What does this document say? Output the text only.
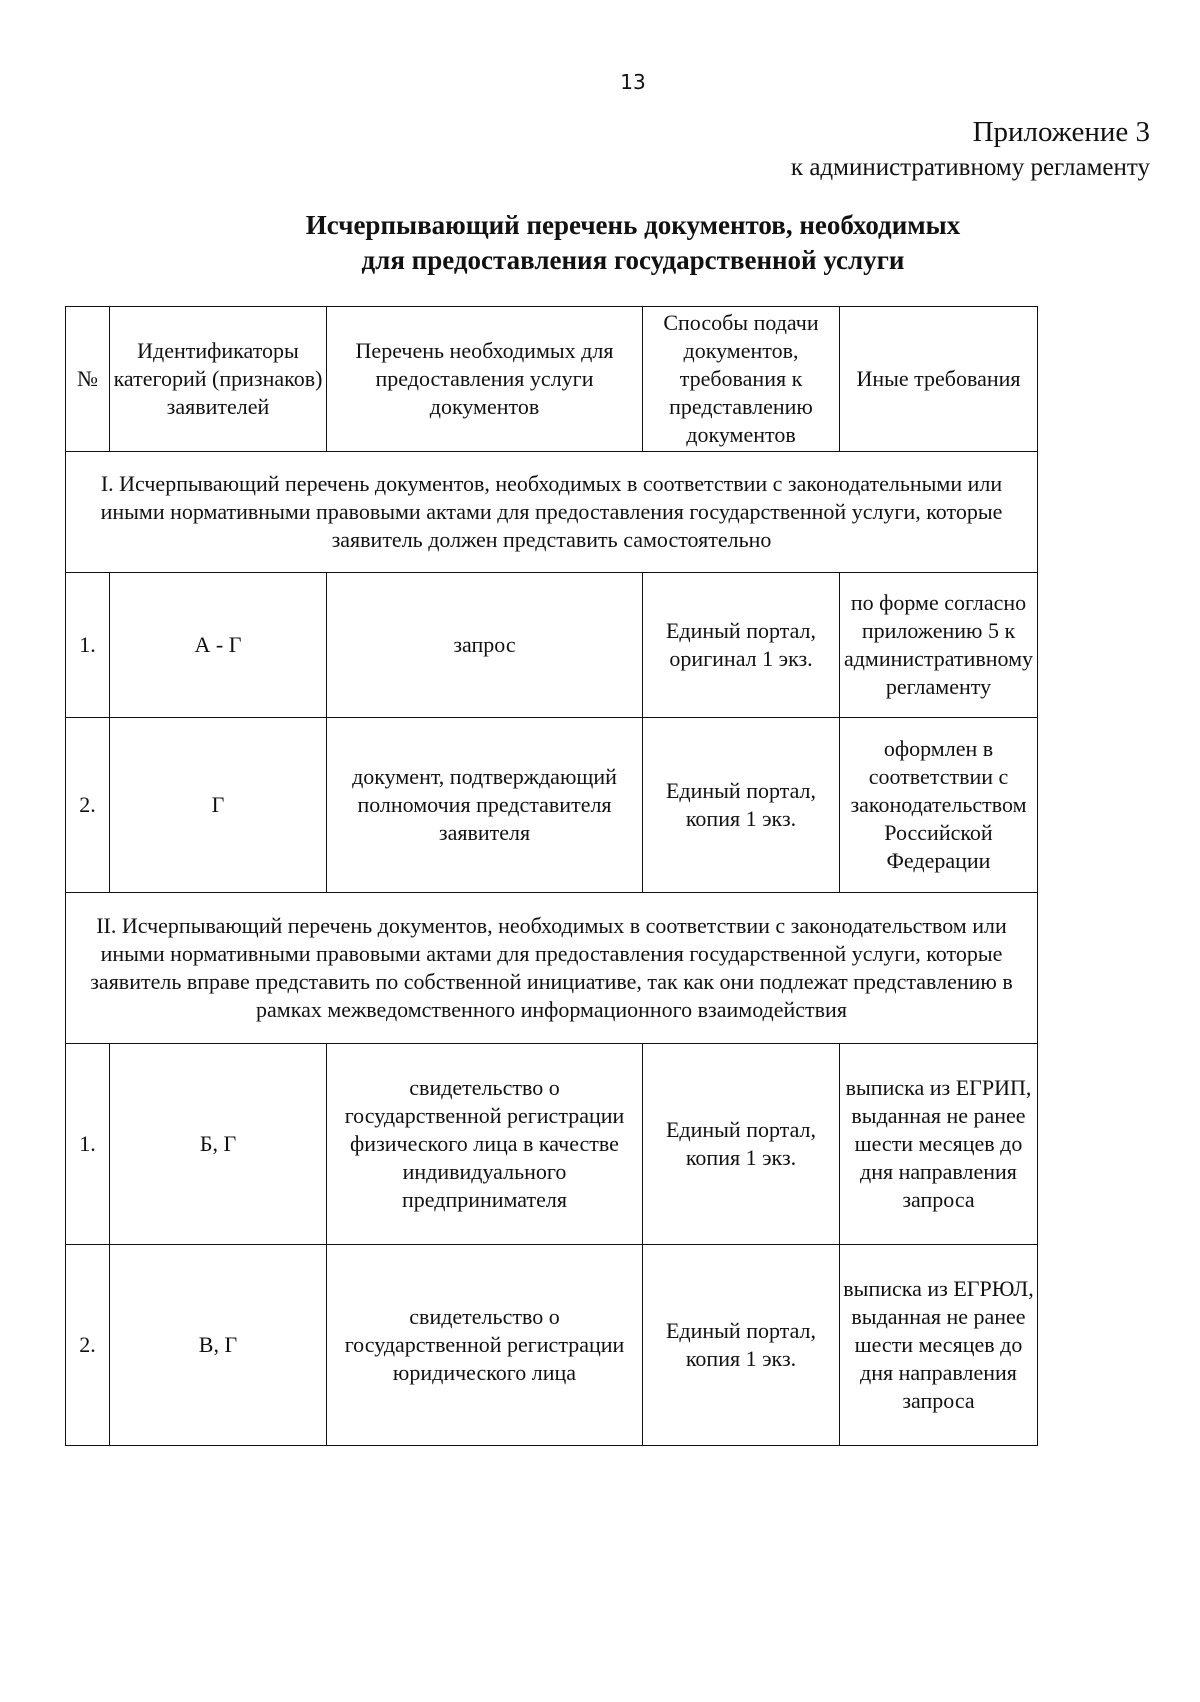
13
Приложение 3
к административному регламенту
Исчерпывающий перечень документов, необходимых
для предоставления государственной услуги
№	Идентификаторы категорий (признаков) заявителей	Перечень необходимых для предоставления услуги документов	Способы подачи документов, требования к представлению документов	Иные требования
I. Исчерпывающий перечень документов, необходимых в соответствии с законодательными или иными нормативными правовыми актами для предоставления государственной услуги, которые заявитель должен представить самостоятельно				
1.	А - Г	запрос	Единый портал, оригинал 1 экз.	по форме согласно приложению 5 к административному регламенту
2.	Г	документ, подтверждающий полномочия представителя заявителя	Единый портал, копия 1 экз.	оформлен в соответствии с законодательством Российской Федерации
II. Исчерпывающий перечень документов, необходимых в соответствии с законодательством или иными нормативными правовыми актами для предоставления государственной услуги, которые заявитель вправе представить по собственной инициативе, так как они подлежат представлению в рамках межведомственного информационного взаимодействия				
1.	Б, Г	свидетельство о государственной регистрации физического лица в качестве индивидуального предпринимателя	Единый портал, копия 1 экз.	выписка из ЕГРИП, выданная не ранее шести месяцев до дня направления запроса
2.	В, Г	свидетельство о государственной регистрации юридического лица	Единый портал, копия 1 экз.	выписка из ЕГРЮЛ, выданная не ранее шести месяцев до дня направления запроса
